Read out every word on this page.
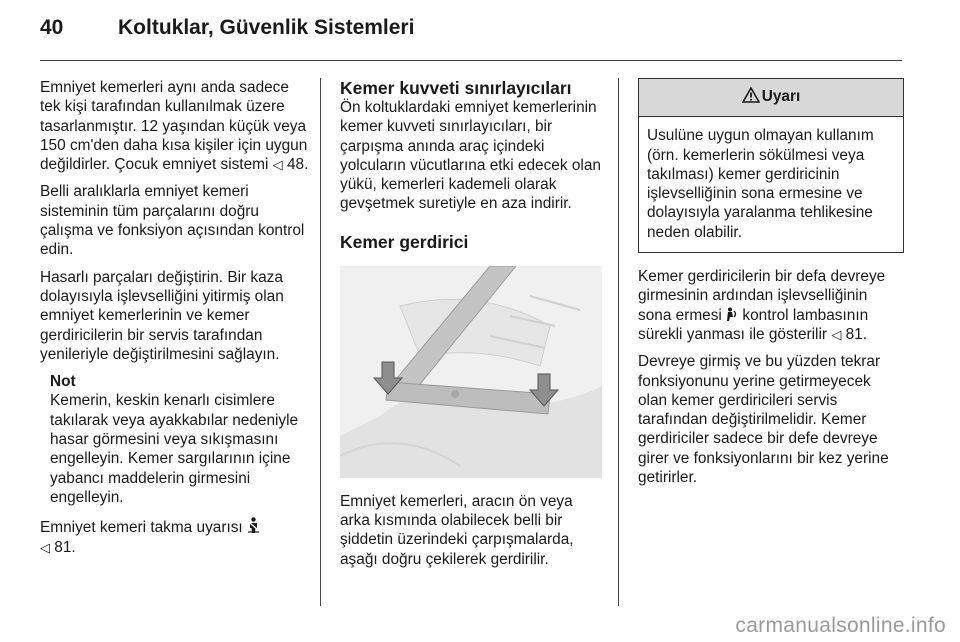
40	Koltuklar, Güvenlik Sistemleri

Emniyet kemerleri aynı anda sadece tek kişi tarafından kullanılmak üzere tasarlanmıştır. 12 yaşından küçük veya 150 cm'den daha kısa kişiler için uygun değildirler. Çocuk emniyet sistemi ◁ 48.

Belli aralıklarla emniyet kemeri sisteminin tüm parçalarını doğru çalışma ve fonksiyon açısından kontrol edin.

Hasarlı parçaları değiştirin. Bir kaza dolayısıyla işlevselliğini yitirmiş olan emniyet kemerlerinin ve kemer gerdiricilerin bir servis tarafından yenileriyle değiştirilmesini sağlayın.

Not
Kemerin, keskin kenarlı cisimlere takılarak veya ayakkabılar nedeniyle hasar görmesini veya sıkışmasını engelleyin. Kemer sargılarının içine yabancı maddelerin girmesini engelleyin.

Emniyet kemeri takma uyarısı
◁ 81.

Kemer kuvveti sınırlayıcıları

Ön koltuklardaki emniyet kemerlerinin kemer kuvveti sınırlayıcıları, bir çarpışma anında araç içindeki yolcuların vücutlarına etki edecek olan yükü, kemerleri kademeli olarak gevşetmek suretiyle en aza indirir.

Kemer gerdirici

Emniyet kemerleri, aracın ön veya arka kısmında olabilecek belli bir şiddetin üzerindeki çarpışmalarda, aşağı doğru çekilerek gerdirilir.

Uyarı
Usulüne uygun olmayan kullanım (örn. kemerlerin sökülmesi veya takılması) kemer gerdiricinin işlevselliğinin sona ermesine ve dolayısıyla yaralanma tehlikesine neden olabilir.

Kemer gerdiricilerin bir defa devreye girmesinin ardından işlevselliğinin sona ermesi kontrol lambasının sürekli yanması ile gösterilir ◁ 81.

Devreye girmiş ve bu yüzden tekrar fonksiyonunu yerine getirmeyecek olan kemer gerdiricileri servis tarafından değiştirilmelidir. Kemer gerdiriciler sadece bir defe devreye girer ve fonksiyonlarını bir kez yerine getirirler.

carmanualsonline.info
